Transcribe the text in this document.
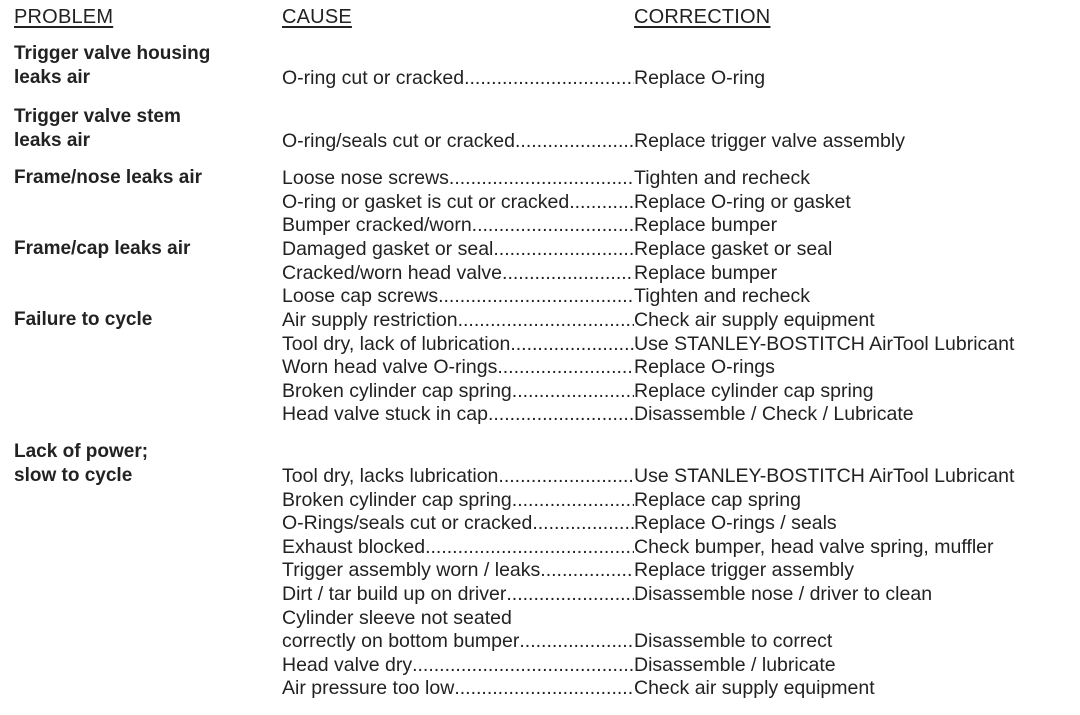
PROBLEM	CAUSE	CORRECTION
Trigger valve housing
leaks air	O-ring cut or cracked .....	Replace O-ring
Trigger valve stem
leaks air	O-ring/seals cut or cracked .....	Replace trigger valve assembly
Frame/nose leaks air	Loose nose screws .....	Tighten and recheck
O-ring or gasket is cut or cracked .....	Replace O-ring or gasket
Bumper cracked/worn .....	Replace bumper
Frame/cap leaks air	Damaged gasket or seal .....	Replace gasket or seal
Cracked/worn head valve .....	Replace bumper
Loose cap screws .....	Tighten and recheck
Failure to cycle	Air supply restriction .....	Check air supply equipment
Tool dry, lack of lubrication .....	Use STANLEY-BOSTITCH AirTool Lubricant
Worn head valve O-rings .....	Replace O-rings
Broken cylinder cap spring .....	Replace cylinder cap spring
Head valve stuck in cap .....	Disassemble / Check / Lubricate
Lack of power;
slow to cycle	Tool dry, lacks lubrication .....	Use STANLEY-BOSTITCH AirTool Lubricant
Broken cylinder cap spring .....	Replace cap spring
O-Rings/seals cut or cracked .....	Replace O-rings / seals
Exhaust blocked .....	Check bumper, head valve spring, muffler
Trigger assembly worn / leaks .....	Replace trigger assembly
Dirt / tar build up on driver .....	Disassemble nose / driver to clean
Cylinder sleeve not seated
correctly on bottom bumper .....	Disassemble to correct
Head valve dry .....	Disassemble / lubricate
Air pressure too low .....	Check air supply equipment
